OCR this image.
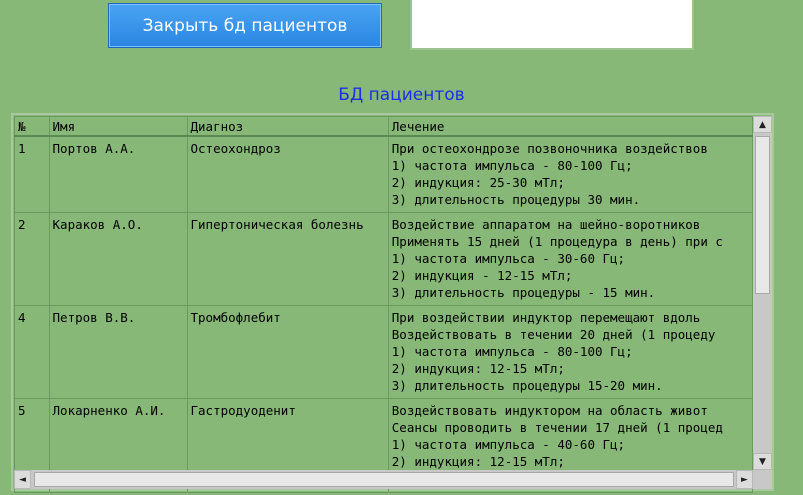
Закрыть бд пациентов
БД пациентов
№	Имя	Диагноз	Лечение
1	Портов А.А.	Остеохондроз	При остеохондрозе позвоночника воздействов
1) частота импульса - 80-100 Гц;
2) индукция: 25-30 мТл;
3) длительность процедуры 30 мин.

2	Караков А.О.	Гипертоническая болезнь	Воздействие аппаратом на шейно-воротников
Применять 15 дней (1 процедура в день) при с
1) частота импульса - 30-60 Гц;
2) индукция - 12-15 мТл;
3) длительность процедуры - 15 мин.

4	Петров В.В.	Тромбофлебит	При воздействии индуктор перемещают вдоль
Воздействовать в течении 20 дней (1 процеду
1) частота импульса - 80-100 Гц;
2) индукция: 12-15 мТл;
3) длительность процедуры 15-20 мин.

5	Локарненко А.И.	Гастродуоденит	Воздействовать индуктором на область живот
Сеансы проводить в течении 17 дней (1 процед
1) частота импульса - 40-60 Гц;
2) индукция: 12-15 мТл;
▲
▼
◄	►
